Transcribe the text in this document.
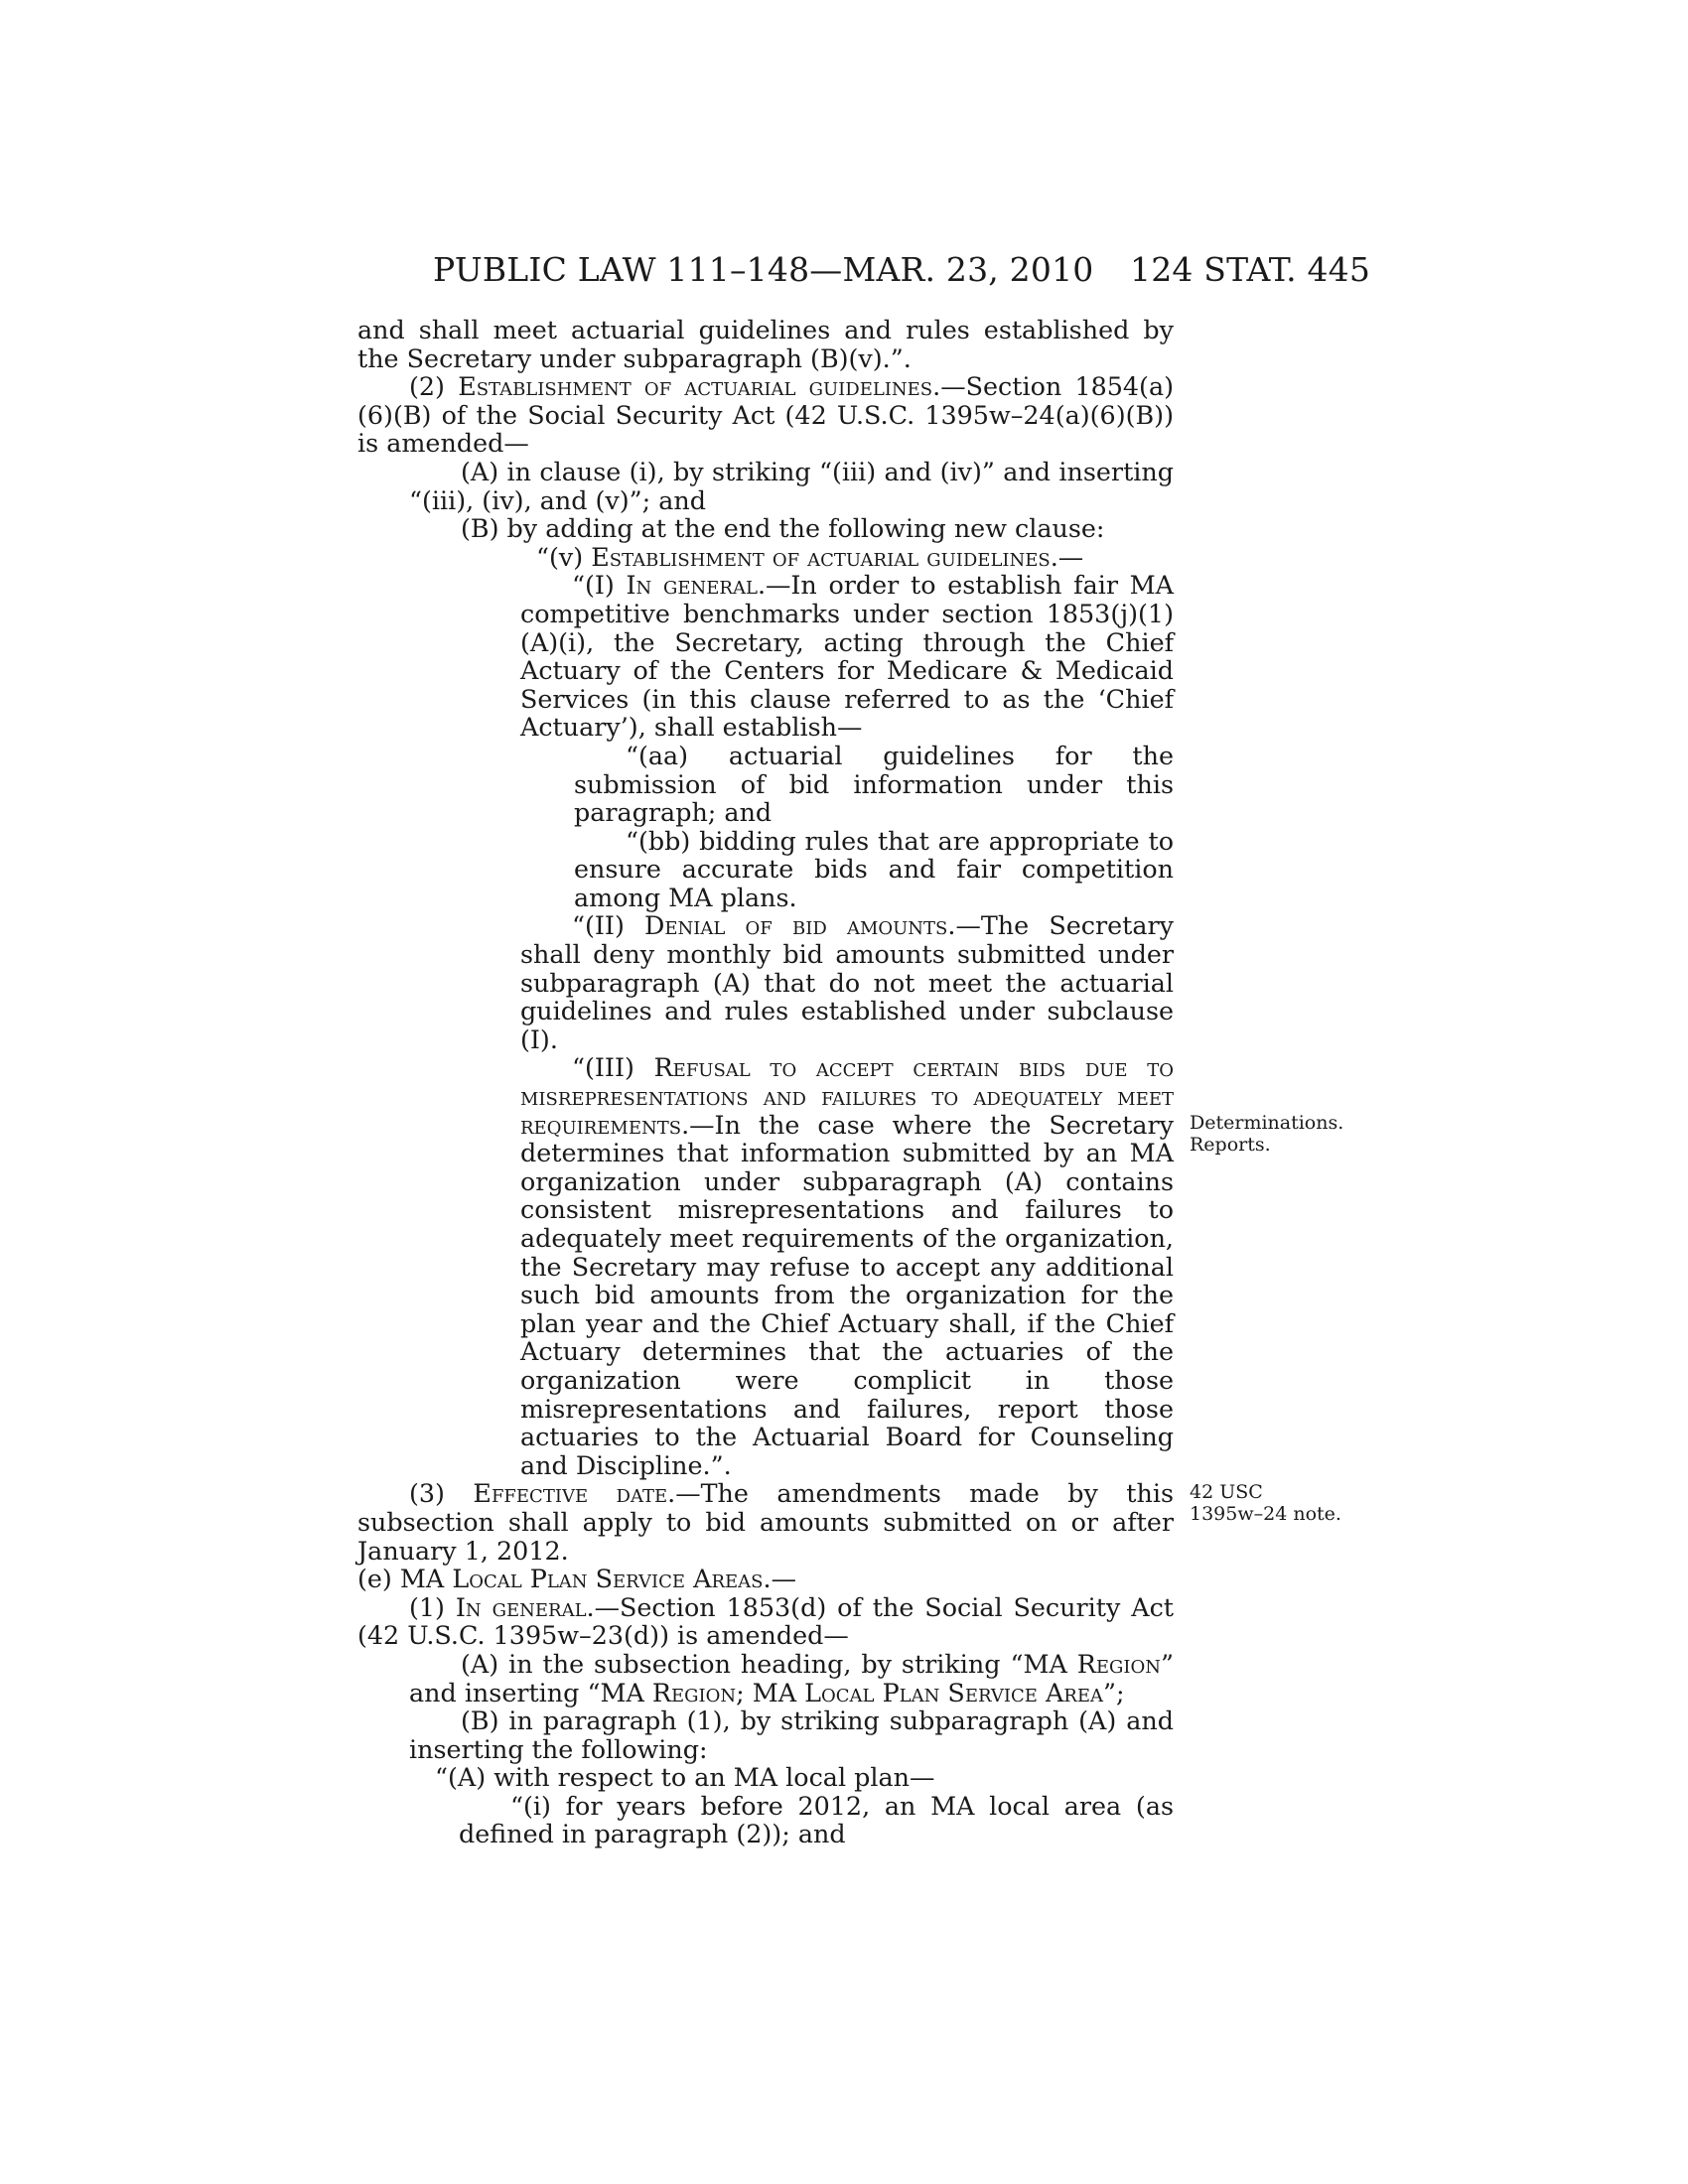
PUBLIC LAW 111–148—MAR. 23, 2010 124 STAT. 445
and shall meet actuarial guidelines and rules established by the Secretary under subparagraph (B)(v).”.
(2) Establishment of actuarial guidelines.—Section 1854(a)(6)(B) of the Social Security Act (42 U.S.C. 1395w–24(a)(6)(B)) is amended—
(A) in clause (i), by striking “(iii) and (iv)” and inserting “(iii), (iv), and (v)”; and
(B) by adding at the end the following new clause:
“(v) Establishment of actuarial guidelines.—
“(I) In general.—In order to establish fair MA competitive benchmarks under section 1853(j)(1)(A)(i), the Secretary, acting through the Chief Actuary of the Centers for Medicare & Medicaid Services (in this clause referred to as the ‘Chief Actuary’), shall establish—
“(aa) actuarial guidelines for the submission of bid information under this paragraph; and
“(bb) bidding rules that are appropriate to ensure accurate bids and fair competition among MA plans.
“(II) Denial of bid amounts.—The Secretary shall deny monthly bid amounts submitted under subparagraph (A) that do not meet the actuarial guidelines and rules established under subclause (I).
“(III) Refusal to accept certain bids due to misrepresentations and failures to adequately meet requirements.—In the case where the Secretary determines that information submitted by an MA organization under subparagraph (A) contains consistent misrepresentations and failures to adequately meet requirements of the organization, the Secretary may refuse to accept any additional such bid amounts from the organization for the plan year and the Chief Actuary shall, if the Chief Actuary determines that the actuaries of the organization were complicit in those misrepresentations and failures, report those actuaries to the Actuarial Board for Counseling and Discipline.”.
(3) Effective date.—The amendments made by this subsection shall apply to bid amounts submitted on or after January 1, 2012.
(e) MA Local Plan Service Areas.—
(1) In general.—Section 1853(d) of the Social Security Act (42 U.S.C. 1395w–23(d)) is amended—
(A) in the subsection heading, by striking “MA Region” and inserting “MA Region; MA Local Plan Service Area”;
(B) in paragraph (1), by striking subparagraph (A) and inserting the following:
“(A) with respect to an MA local plan—
“(i) for years before 2012, an MA local area (as defined in paragraph (2)); and
Determinations.
Reports.
42 USC
1395w–24 note.
